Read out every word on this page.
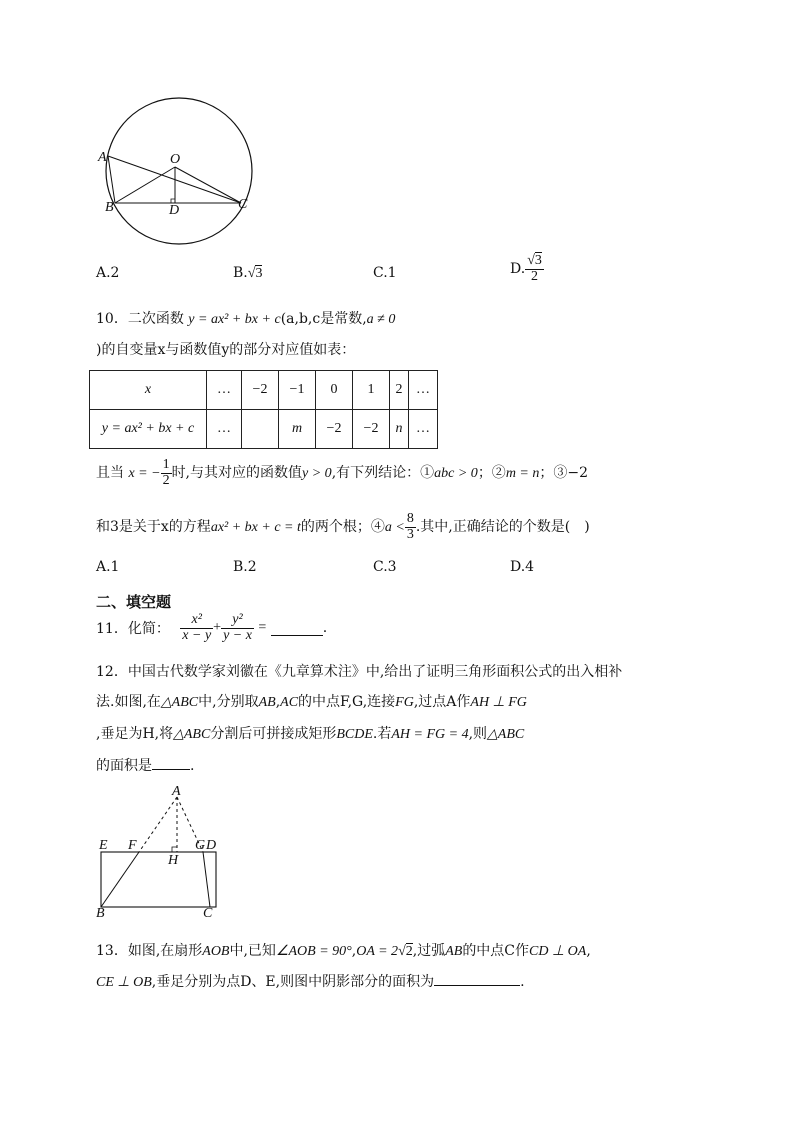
A	O
B	D	C
A.2	B.√3	C.1	D. $\frac{√3}{2}$
10．二次函数 y = ax² + bx + c(a,b,c是常数,a ≠ 0
)的自变量x与函数值y的部分对应值如表：
x	…	−2	−1	0	1	2	…
y = ax² + bx + c	…		m	−2	−2	n	…
且当 x = − $\frac{1}{2}$ 时,与其对应的函数值y > 0,有下列结论：①abc > 0；②m = n；③−2
和3是关于x的方程ax² + bx + c = t的两个根；④a < $\frac{8}{3}$ .其中,正确结论的个数是(　)
A.1	B.2	C.3	D.4
二、填空题
11．化简： $\frac{\text{x²}}{x - y} + \frac{\text{y²}}{y - x}$ =	.
12．中国古代数学家刘徽在《九章算术注》中,给出了证明三角形面积公式的出入相补
法.如图,在△ABC中,分别取AB,AC的中点F,G,连接FG,过点A作AH ⊥ FG
,垂足为H,将△ABC分割后可拼接成矩形BCDE.若AH = FG = 4,则△ABC
的面积是	.
A
E F	G D
H
B	C
13．如图,在扇形AOB中,已知∠AOB = 90°,OA = 2√2,过弧AB的中点C作CD ⊥ OA,
CE ⊥ OB,垂足分别为点D、E,则图中阴影部分的面积为	.
